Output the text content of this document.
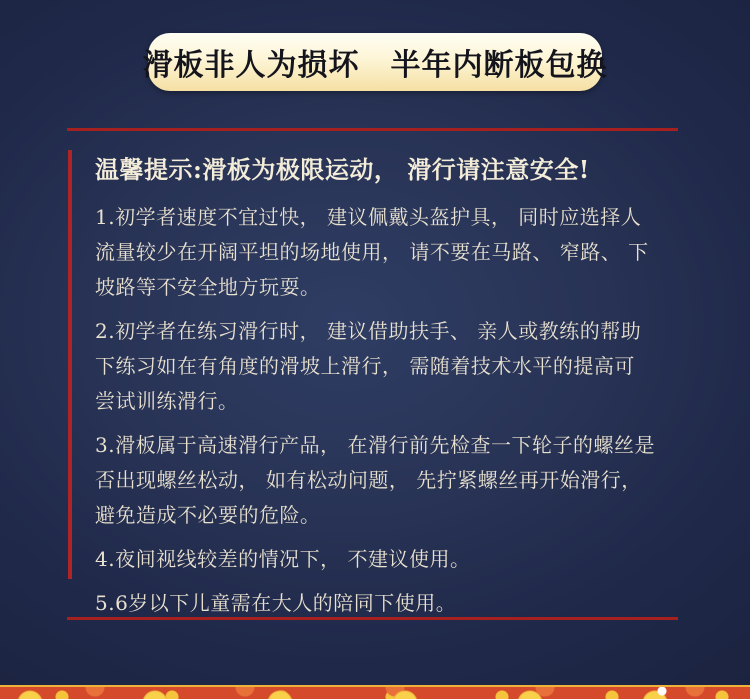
滑板非人为损坏　半年内断板包换
温馨提示:滑板为极限运动， 滑行请注意安全!

1.初学者速度不宜过快， 建议佩戴头盔护具， 同时应选择人流量较少在开阔平坦的场地使用， 请不要在马路、 窄路、 下坡路等不安全地方玩耍。

2.初学者在练习滑行时， 建议借助扶手、 亲人或教练的帮助下练习如在有角度的滑坡上滑行， 需随着技术水平的提高可尝试训练滑行。

3.滑板属于高速滑行产品， 在滑行前先检查一下轮子的螺丝是否出现螺丝松动， 如有松动问题， 先拧紧螺丝再开始滑行， 避免造成不必要的危险。

4.夜间视线较差的情况下， 不建议使用。

5.6岁以下儿童需在大人的陪同下使用。
